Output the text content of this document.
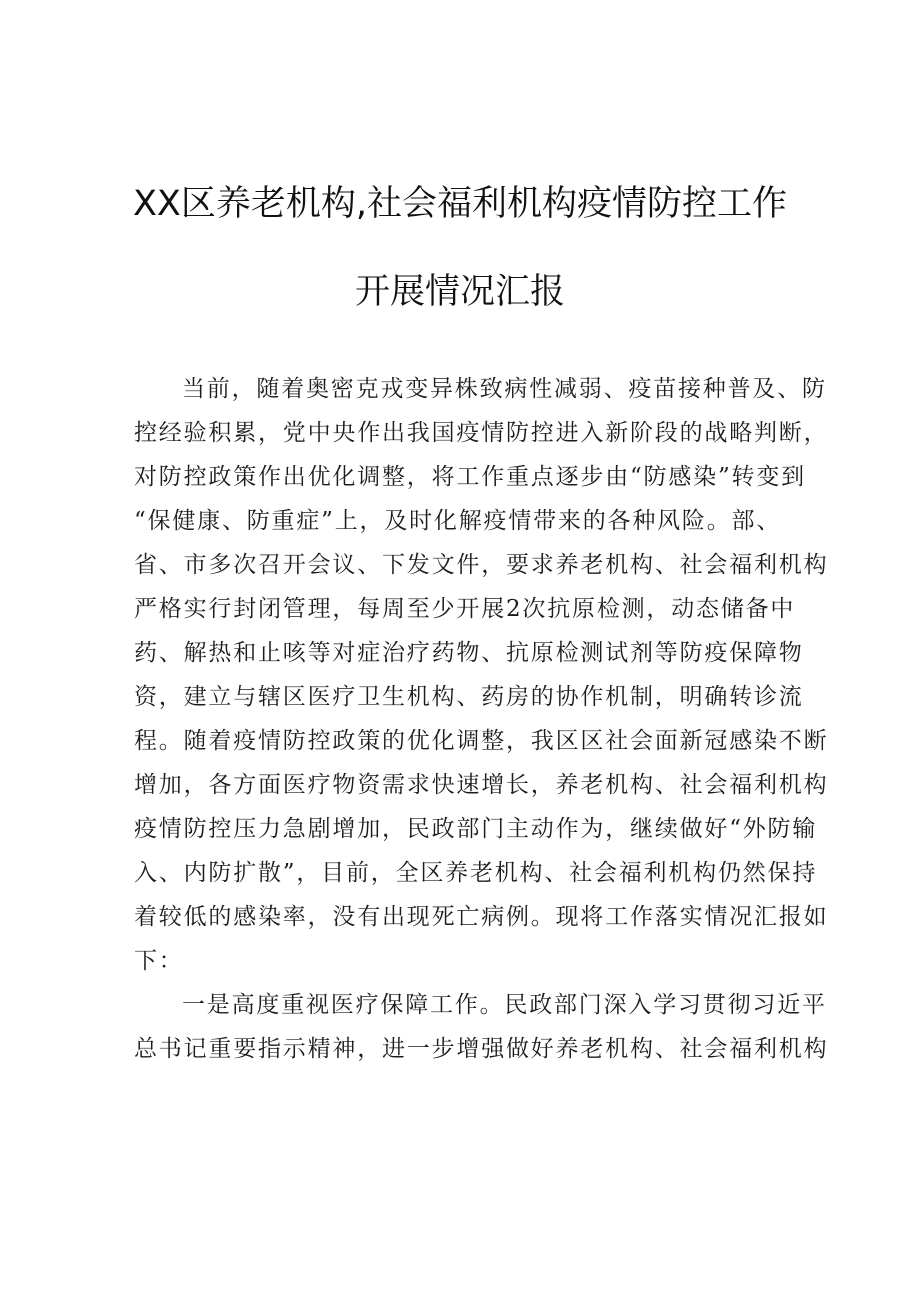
XX区养老机构,社会福利机构疫情防控工作
开展情况汇报

当前，随着奥密克戎变异株致病性减弱、疫苗接种普及、防

控经验积累，党中央作出我国疫情防控进入新阶段的战略判断，

对防控政策作出优化调整，将工作重点逐步由“防感染”转变到

“保健康、防重症”上，及时化解疫情带来的各种风险。部、

省、市多次召开会议、下发文件，要求养老机构、社会福利机构

严格实行封闭管理，每周至少开展2次抗原检测，动态储备中

药、解热和止咳等对症治疗药物、抗原检测试剂等防疫保障物

资，建立与辖区医疗卫生机构、药房的协作机制，明确转诊流

程。随着疫情防控政策的优化调整，我区区社会面新冠感染不断

增加，各方面医疗物资需求快速增长，养老机构、社会福利机构

疫情防控压力急剧增加，民政部门主动作为，继续做好“外防输

入、内防扩散”，目前，全区养老机构、社会福利机构仍然保持

着较低的感染率，没有出现死亡病例。现将工作落实情况汇报如

下：

一是高度重视医疗保障工作。民政部门深入学习贯彻习近平

总书记重要指示精神，进一步增强做好养老机构、社会福利机构
